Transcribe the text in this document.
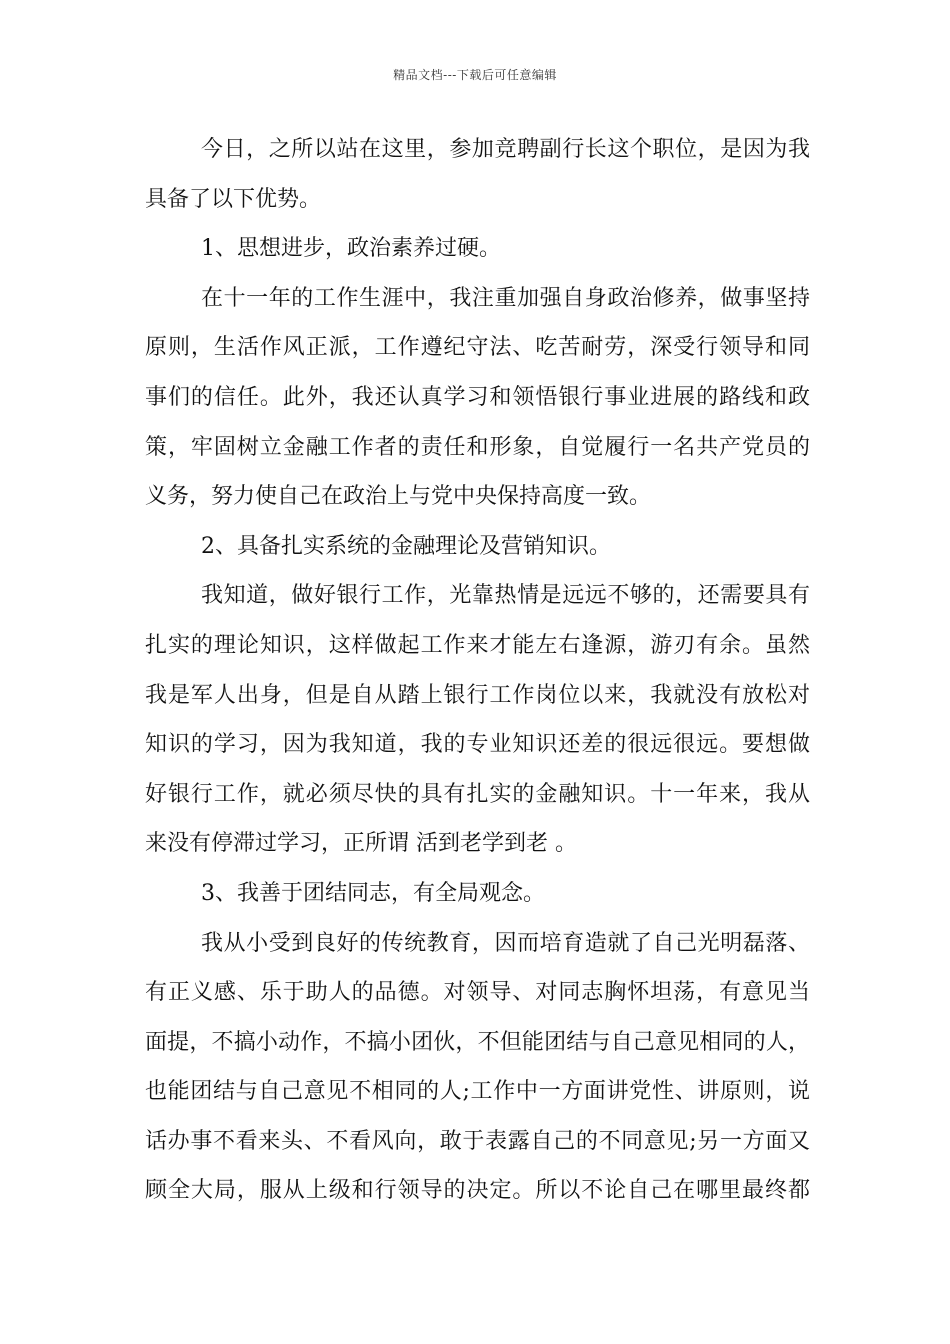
精品文档---下载后可任意编辑
今日，之所以站在这里，参加竞聘副行长这个职位，是因为我
具备了以下优势。
1、思想进步，政治素养过硬。
在十一年的工作生涯中，我注重加强自身政治修养，做事坚持
原则，生活作风正派，工作遵纪守法、吃苦耐劳，深受行领导和同
事们的信任。此外，我还认真学习和领悟银行事业进展的路线和政
策，牢固树立金融工作者的责任和形象，自觉履行一名共产党员的
义务，努力使自己在政治上与党中央保持高度一致。
2、具备扎实系统的金融理论及营销知识。
我知道，做好银行工作，光靠热情是远远不够的，还需要具有
扎实的理论知识，这样做起工作来才能左右逢源，游刃有余。虽然
我是军人出身，但是自从踏上银行工作岗位以来，我就没有放松对
知识的学习，因为我知道，我的专业知识还差的很远很远。要想做
好银行工作，就必须尽快的具有扎实的金融知识。十一年来，我从
来没有停滞过学习，正所谓 活到老学到老 。
3、我善于团结同志，有全局观念。
我从小受到良好的传统教育，因而培育造就了自己光明磊落、
有正义感、乐于助人的品德。对领导、对同志胸怀坦荡，有意见当
面提，不搞小动作，不搞小团伙，不但能团结与自己意见相同的人，
也能团结与自己意见不相同的人;工作中一方面讲党性、讲原则，说
话办事不看来头、不看风向，敢于表露自己的不同意见;另一方面又
顾全大局，服从上级和行领导的决定。所以不论自己在哪里最终都
